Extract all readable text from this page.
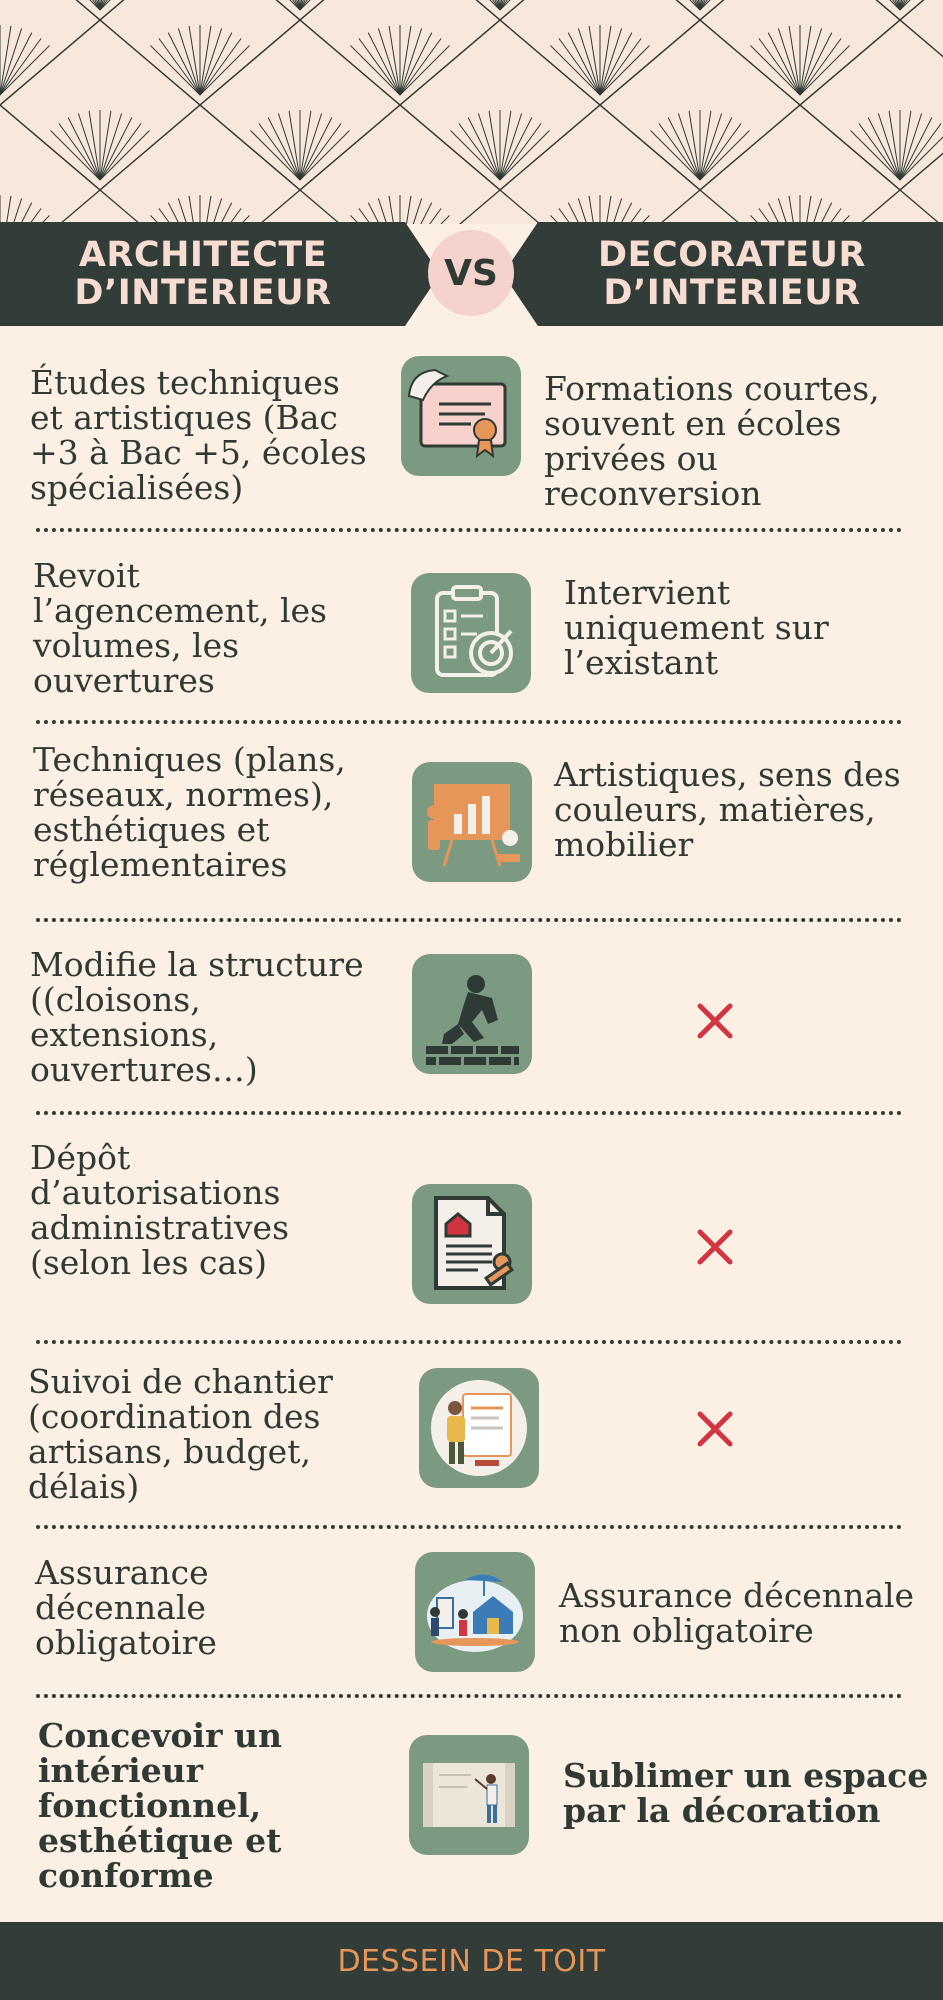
ARCHITECTE
D’INTERIEUR	VS	DECORATEUR
D’INTERIEUR
Études techniques
et artistiques (Bac
+3 à Bac +5, écoles
spécialisées)
Formations courtes,
souvent en écoles
privées ou
reconversion
Revoit
l’agencement, les
volumes, les
ouvertures
Intervient
uniquement sur
l’existant
Techniques (plans,
réseaux, normes),
esthétiques et
réglementaires
Artistiques, sens des
couleurs, matières,
mobilier
Modifie la structure
((cloisons,
extensions,
ouvertures…)
Dépôt
d’autorisations
administratives
(selon les cas)
Suivoi de chantier
(coordination des
artisans, budget,
délais)
Assurance
décennale
obligatoire
Assurance décennale
non obligatoire
Concevoir un
intérieur
fonctionnel,
esthétique et
conforme
Sublimer un espace
par la décoration
DESSEIN DE TOIT
